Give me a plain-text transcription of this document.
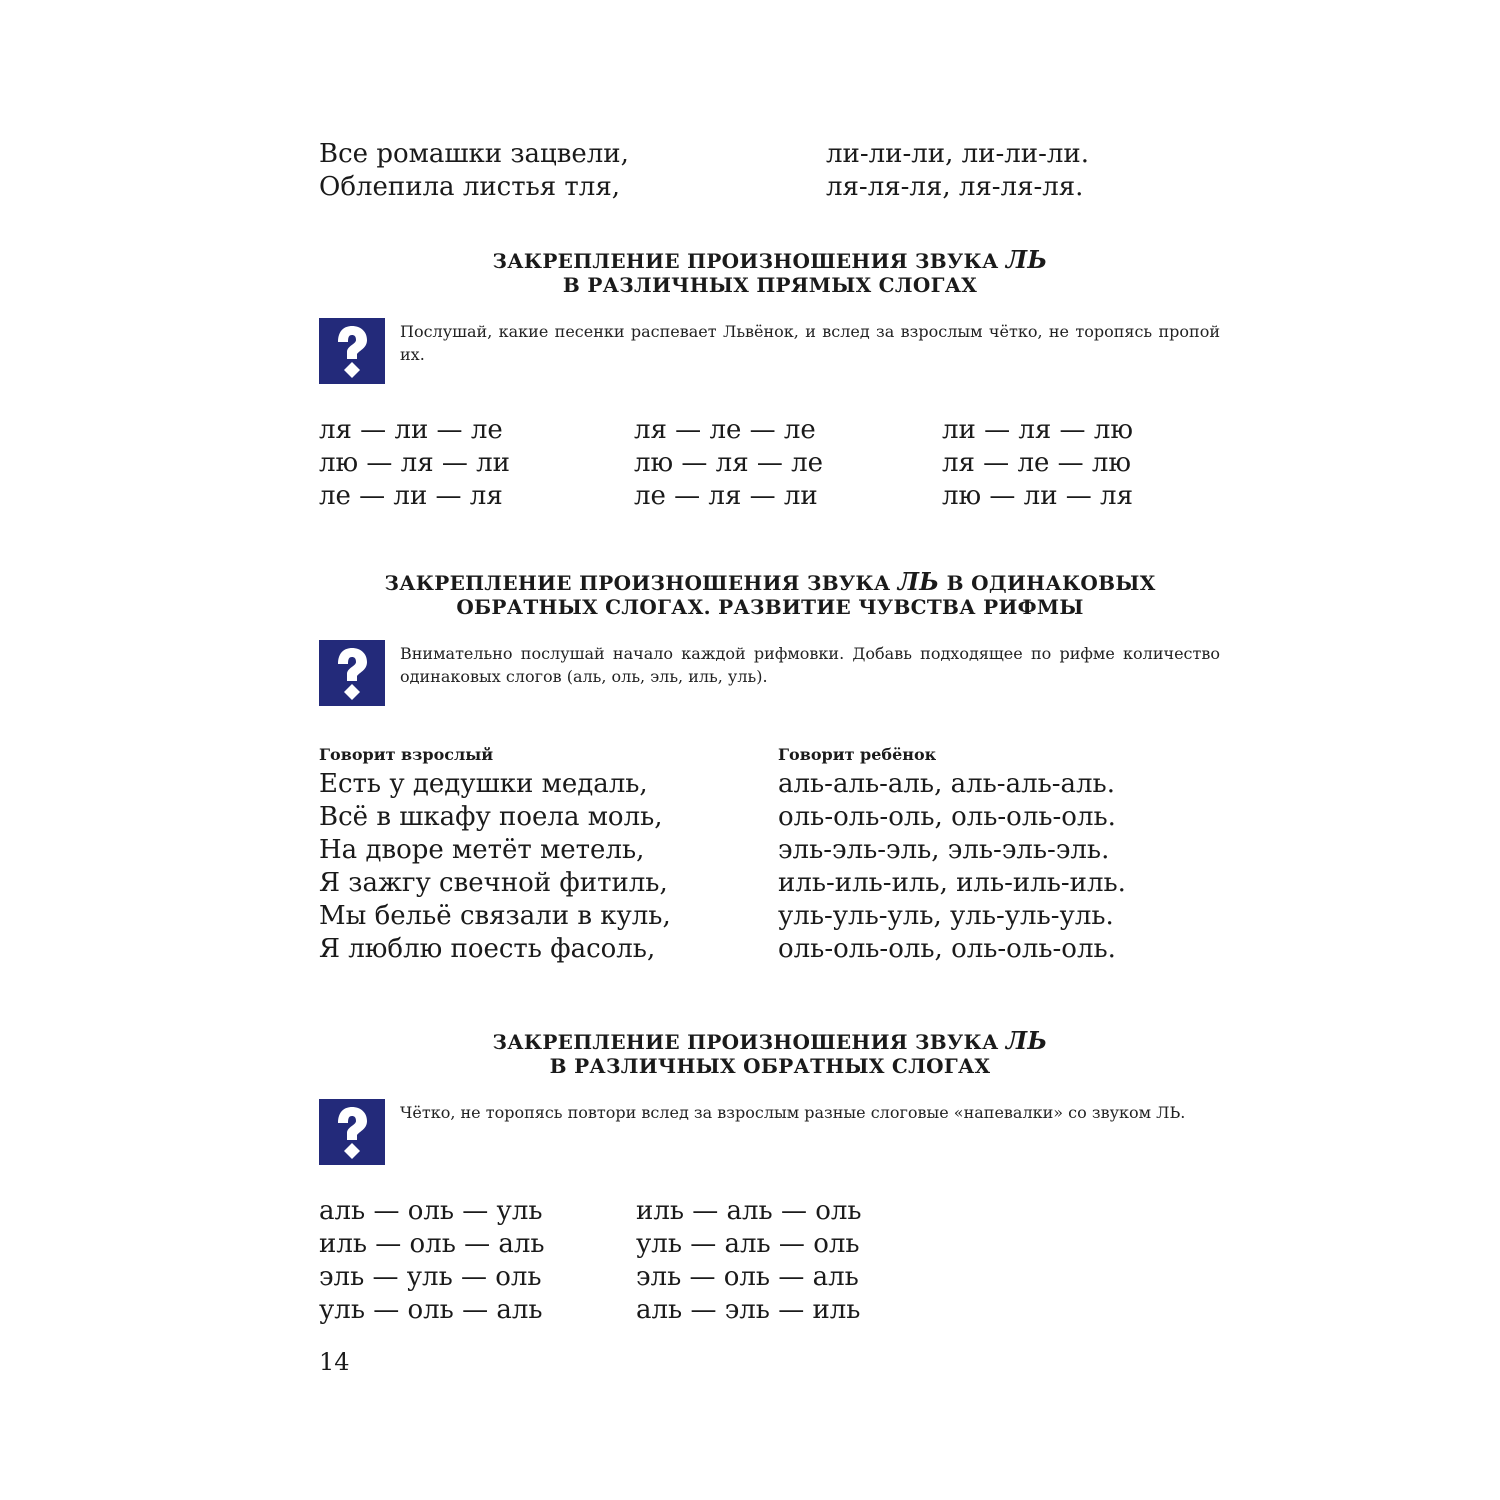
Все ромашки зацвели,
Облепила листья тля,
ли-ли-ли, ли-ли-ли.
ля-ля-ля, ля-ля-ля.
ЗАКРЕПЛЕНИЕ ПРОИЗНОШЕНИЯ ЗВУКА ЛЬ
В РАЗЛИЧНЫХ ПРЯМЫХ СЛОГАХ
Послушай, какие песенки распевает Львёнок, и вслед за взрослым чётко, не торопясь пропой их.
ля — ли — ле
лю — ля — ли
ле — ли — ля
ля — ле — ле
лю — ля — ле
ле — ля — ли
ли — ля — лю
ля — ле — лю
лю — ли — ля
ЗАКРЕПЛЕНИЕ ПРОИЗНОШЕНИЯ ЗВУКА ЛЬ В ОДИНАКОВЫХ
ОБРАТНЫХ СЛОГАХ. РАЗВИТИЕ ЧУВСТВА РИФМЫ
Внимательно послушай начало каждой рифмовки. Добавь подходящее по рифме количество одинаковых слогов (аль, оль, эль, иль, уль).
Говорит взрослый	Говорит ребёнок
Есть у дедушки медаль,
Всё в шкафу поела моль,
На дворе метёт метель,
Я зажгу свечной фитиль,
Мы бельё связали в куль,
Я люблю поесть фасоль,
аль-аль-аль, аль-аль-аль.
оль-оль-оль, оль-оль-оль.
эль-эль-эль, эль-эль-эль.
иль-иль-иль, иль-иль-иль.
уль-уль-уль, уль-уль-уль.
оль-оль-оль, оль-оль-оль.
ЗАКРЕПЛЕНИЕ ПРОИЗНОШЕНИЯ ЗВУКА ЛЬ
В РАЗЛИЧНЫХ ОБРАТНЫХ СЛОГАХ
Чётко, не торопясь повтори вслед за взрослым разные слоговые «напевалки» со звуком ЛЬ.
аль — оль — уль
иль — оль — аль
эль — уль — оль
уль — оль — аль
иль — аль — оль
уль — аль — оль
эль — оль — аль
аль — эль — иль
14
